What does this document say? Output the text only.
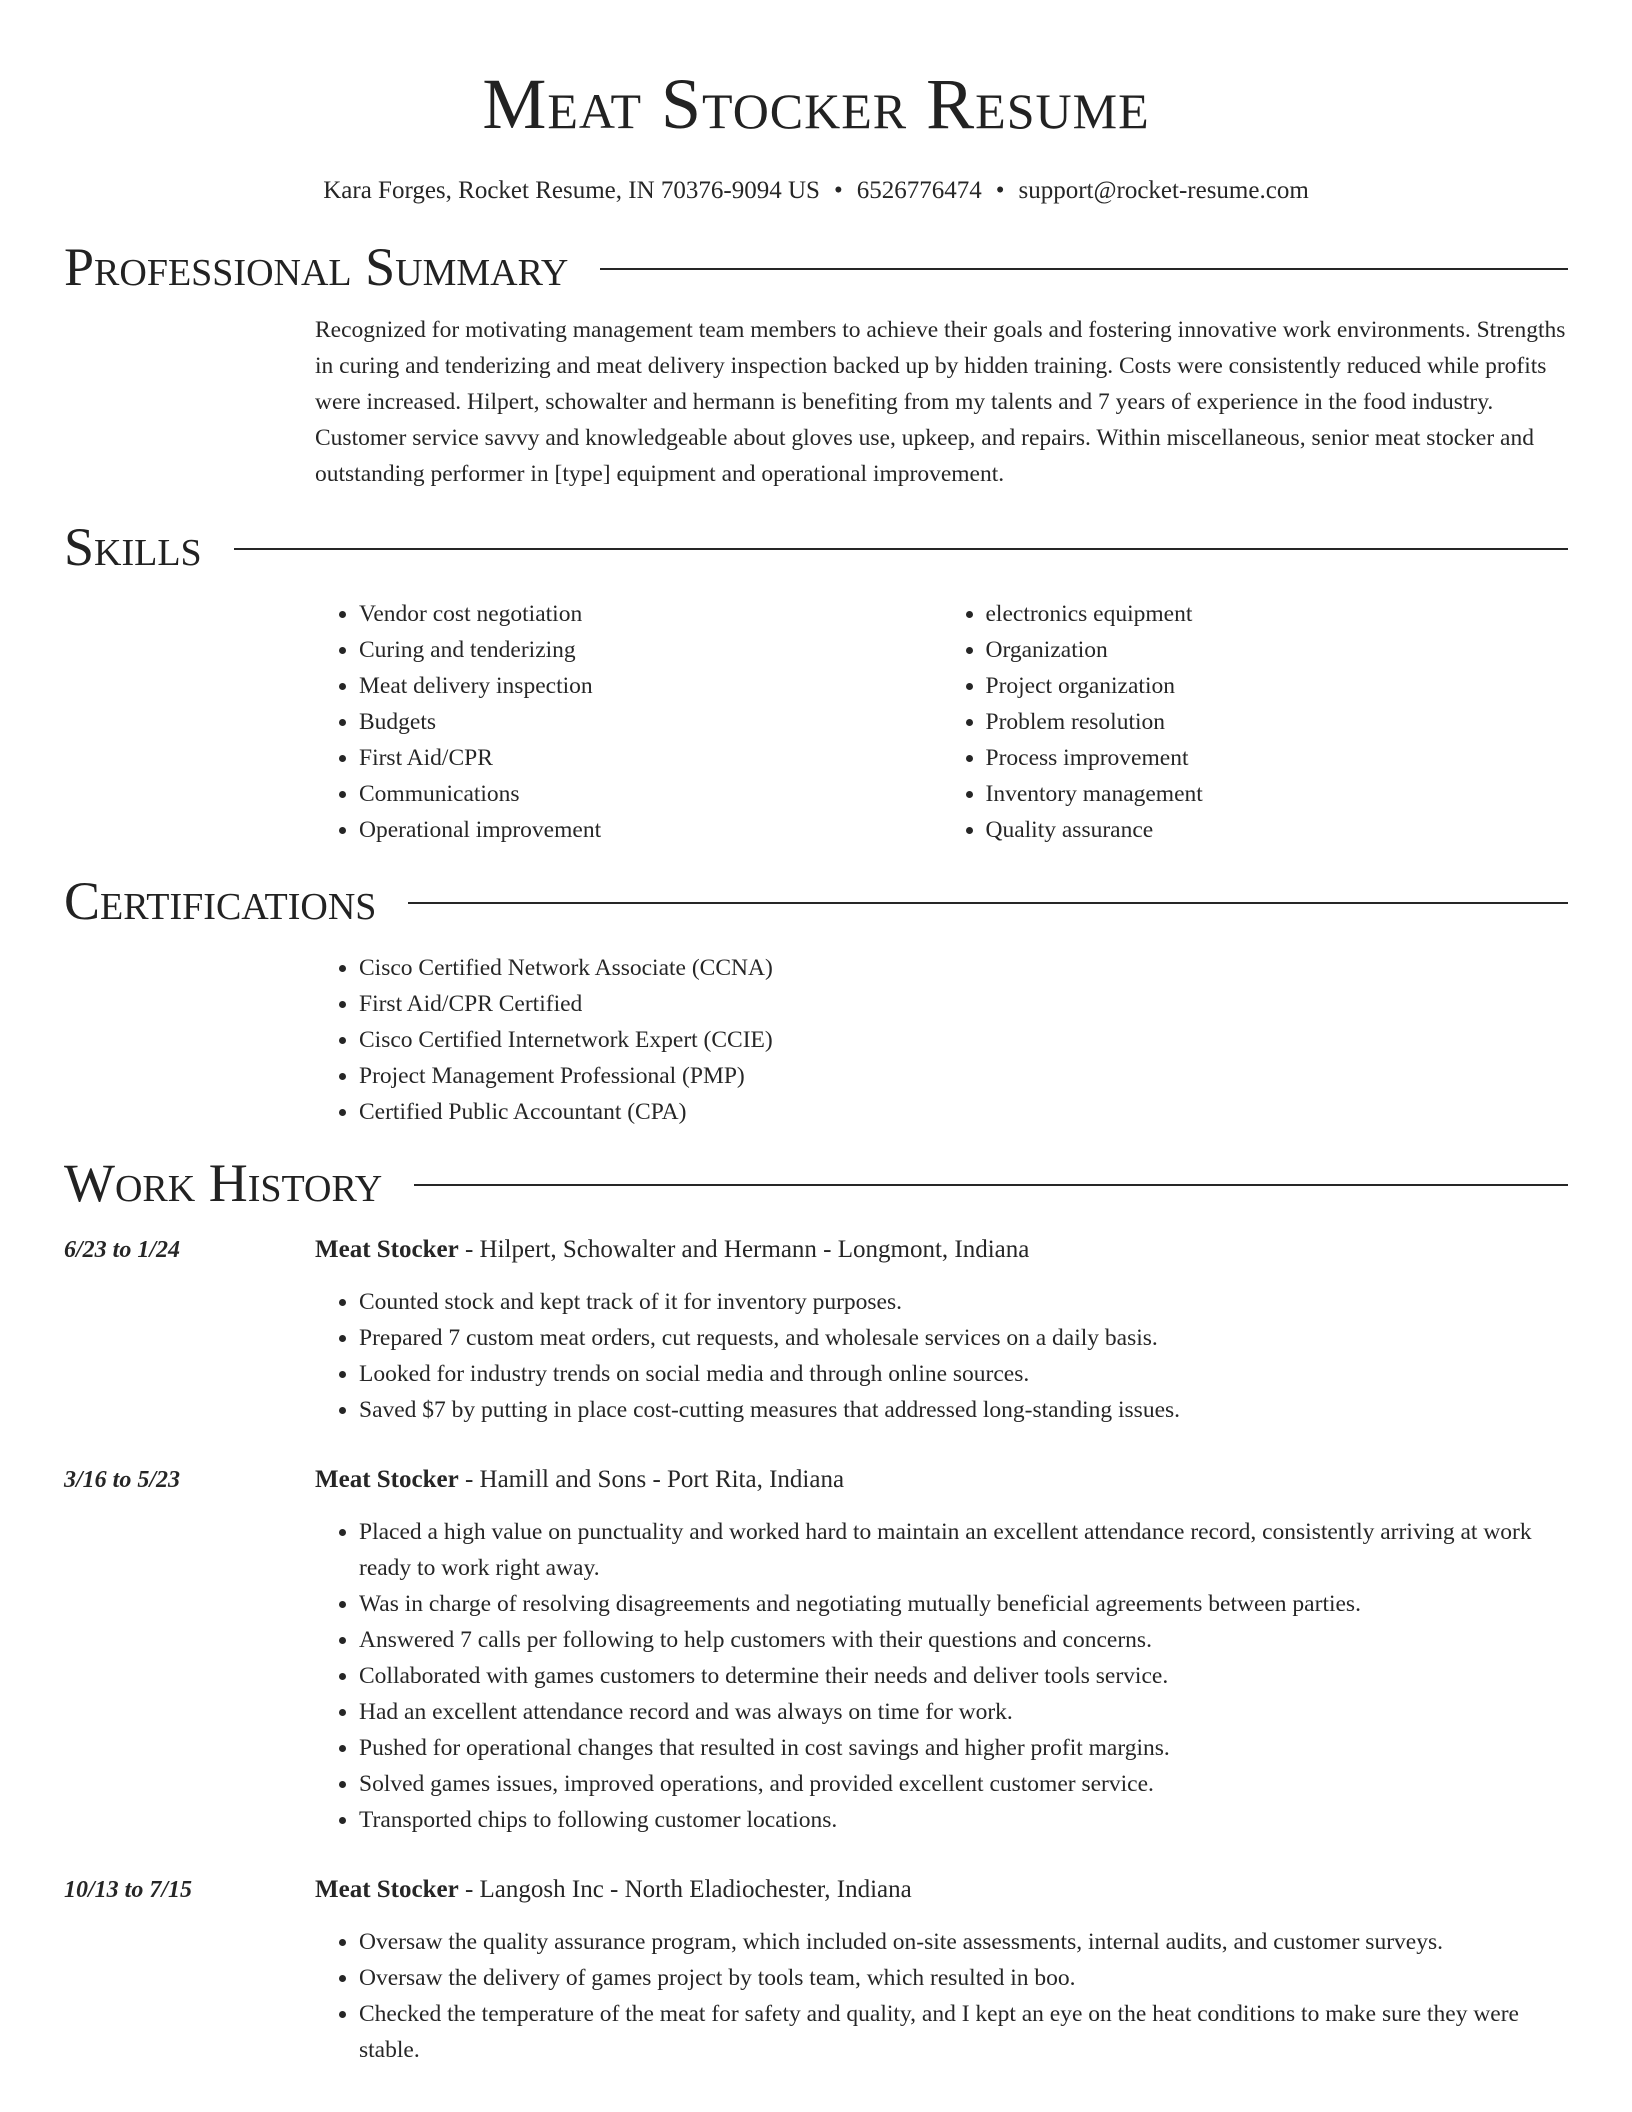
Meat Stocker Resume
Kara Forges, Rocket Resume, IN 70376-9094 US • 6526776474 • support@rocket-resume.com
Professional Summary

Recognized for motivating management team members to achieve their goals and fostering innovative work environments. Strengths in curing and tenderizing and meat delivery inspection backed up by hidden training. Costs were consistently reduced while profits were increased. Hilpert, schowalter and hermann is benefiting from my talents and 7 years of experience in the food industry. Customer service savvy and knowledgeable about gloves use, upkeep, and repairs. Within miscellaneous, senior meat stocker and outstanding performer in [type] equipment and operational improvement.

Skills
• Vendor cost negotiation
• Curing and tenderizing
• Meat delivery inspection
• Budgets
• First Aid/CPR
• Communications
• Operational improvement
• electronics equipment
• Organization
• Project organization
• Problem resolution
• Process improvement
• Inventory management
• Quality assurance
Certifications
• Cisco Certified Network Associate (CCNA)
• First Aid/CPR Certified
• Cisco Certified Internetwork Expert (CCIE)
• Project Management Professional (PMP)
• Certified Public Accountant (CPA)
Work History
6/23 to 1/24	Meat Stocker - Hilpert, Schowalter and Hermann - Longmont, Indiana
• Counted stock and kept track of it for inventory purposes.
• Prepared 7 custom meat orders, cut requests, and wholesale services on a daily basis.
• Looked for industry trends on social media and through online sources.
• Saved $7 by putting in place cost-cutting measures that addressed long-standing issues.
3/16 to 5/23	Meat Stocker - Hamill and Sons - Port Rita, Indiana
• Placed a high value on punctuality and worked hard to maintain an excellent attendance record, consistently arriving at work ready to work right away.
• Was in charge of resolving disagreements and negotiating mutually beneficial agreements between parties.
• Answered 7 calls per following to help customers with their questions and concerns.
• Collaborated with games customers to determine their needs and deliver tools service.
• Had an excellent attendance record and was always on time for work.
• Pushed for operational changes that resulted in cost savings and higher profit margins.
• Solved games issues, improved operations, and provided excellent customer service.
• Transported chips to following customer locations.
10/13 to 7/15	Meat Stocker - Langosh Inc - North Eladiochester, Indiana
• Oversaw the quality assurance program, which included on-site assessments, internal audits, and customer surveys.
• Oversaw the delivery of games project by tools team, which resulted in boo.
• Checked the temperature of the meat for safety and quality, and I kept an eye on the heat conditions to make sure they were stable.
